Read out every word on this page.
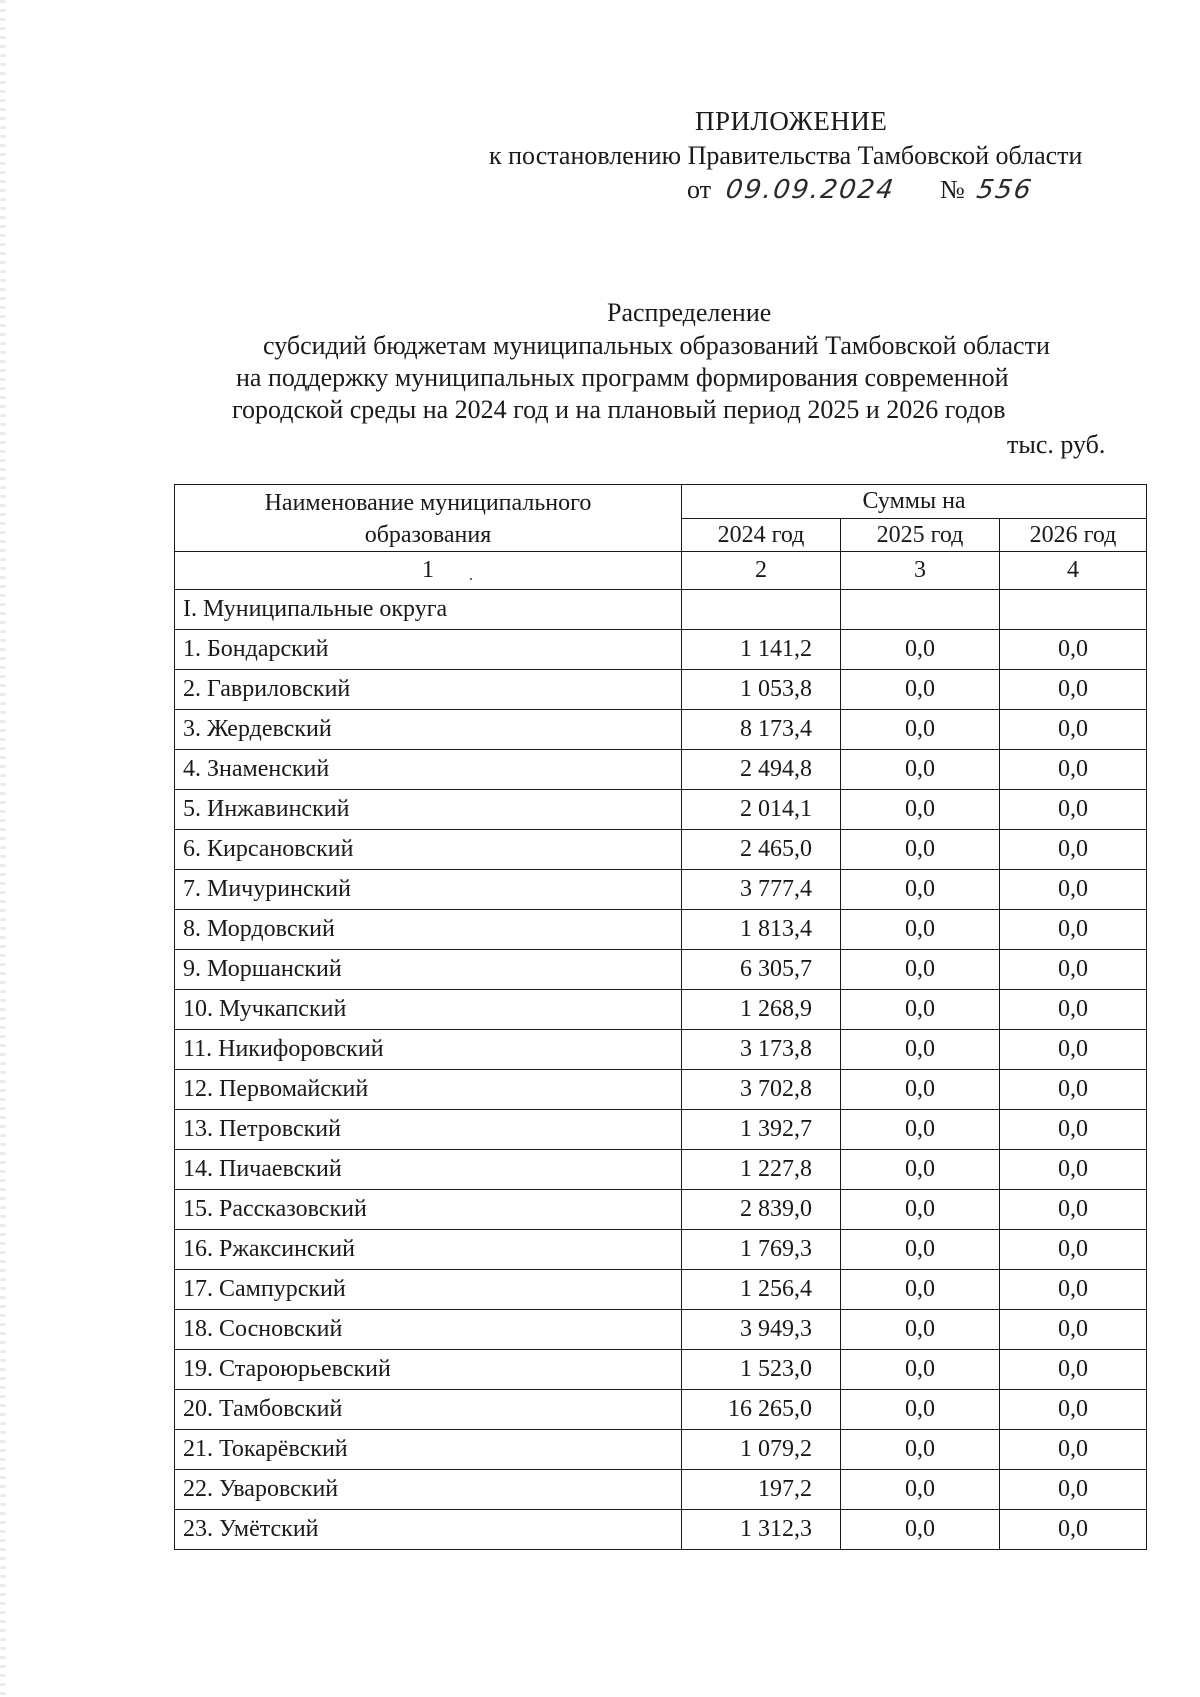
ПРИЛОЖЕНИЕ
к постановлению Правительства Тамбовской области
от 09.09.2024 № 556
Распределение
субсидий бюджетам муниципальных образований Тамбовской области
на поддержку муниципальных программ формирования современной
городской среды на 2024 год и на плановый период 2025 и 2026 годов
тыс. руб.
Наименование муниципального образования	Суммы на		
	2024 год	2025 год	2026 год
1	2	3	4
I. Муниципальные округа			
1. Бондарский	1 141,2	0,0	0,0
2. Гавриловский	1 053,8	0,0	0,0
3. Жердевский	8 173,4	0,0	0,0
4. Знаменский	2 494,8	0,0	0,0
5. Инжавинский	2 014,1	0,0	0,0
6. Кирсановский	2 465,0	0,0	0,0
7. Мичуринский	3 777,4	0,0	0,0
8. Мордовский	1 813,4	0,0	0,0
9. Моршанский	6 305,7	0,0	0,0
10. Мучкапский	1 268,9	0,0	0,0
11. Никифоровский	3 173,8	0,0	0,0
12. Первомайский	3 702,8	0,0	0,0
13. Петровский	1 392,7	0,0	0,0
14. Пичаевский	1 227,8	0,0	0,0
15. Рассказовский	2 839,0	0,0	0,0
16. Ржаксинский	1 769,3	0,0	0,0
17. Сампурский	1 256,4	0,0	0,0
18. Сосновский	3 949,3	0,0	0,0
19. Староюрьевский	1 523,0	0,0	0,0
20. Тамбовский	16 265,0	0,0	0,0
21. Токарёвский	1 079,2	0,0	0,0
22. Уваровский	197,2	0,0	0,0
23. Умётский	1 312,3	0,0	0,0
